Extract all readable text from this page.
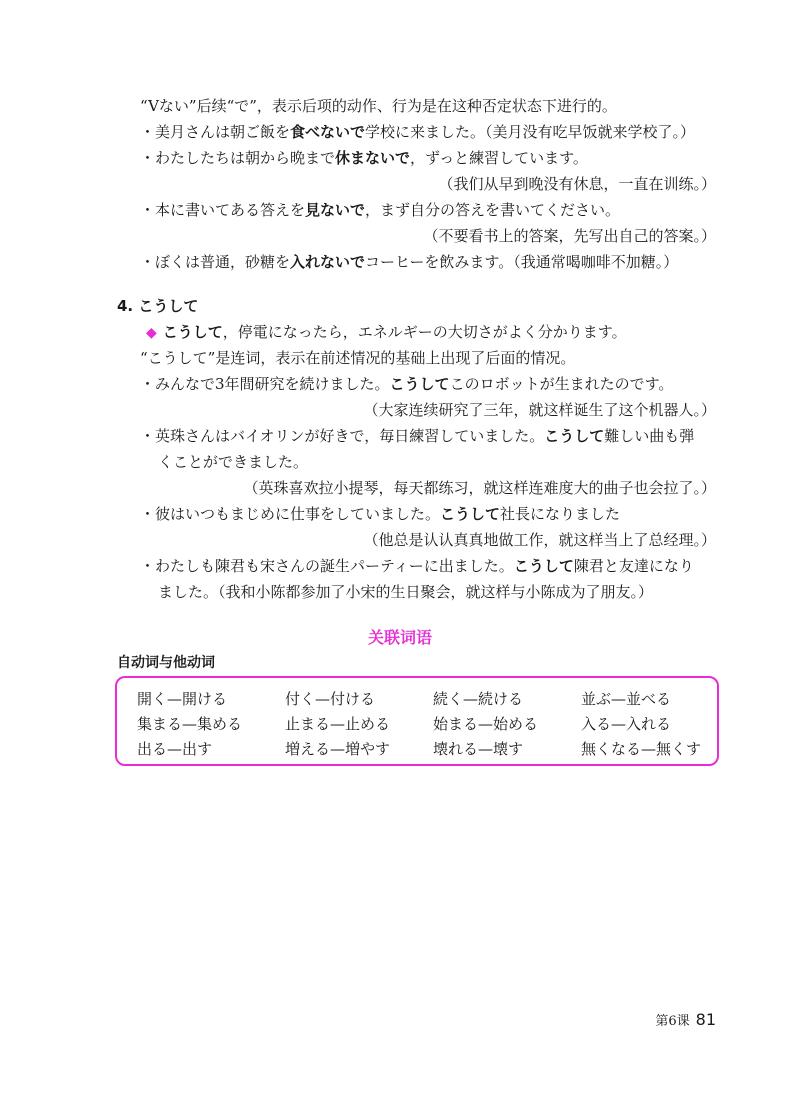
“Vない”后续“で”，表示后项的动作、行为是在这种否定状态下进行的。
・美月さんは朝ご飯を食べないで学校に来ました。（美月没有吃早饭就来学校了。）
・わたしたちは朝から晩まで休まないで，ずっと練習しています。
（我们从早到晚没有休息，一直在训练。）
・本に書いてある答えを見ないで，まず自分の答えを書いてください。
（不要看书上的答案，先写出自己的答案。）
・ぼくは普通，砂糖を入れないでコーヒーを飲みます。（我通常喝咖啡不加糖。）
4. こうして
◆ こうして，停電になったら，エネルギーの大切さがよく分かります。
“こうして”是连词，表示在前述情况的基础上出现了后面的情况。
・みんなで3年間研究を続けました。こうしてこのロボットが生まれたのです。
（大家连续研究了三年，就这样诞生了这个机器人。）
・英珠さんはバイオリンが好きで，毎日練習していました。こうして難しい曲も弾
くことができました。
（英珠喜欢拉小提琴，每天都练习，就这样连难度大的曲子也会拉了。）
・彼はいつもまじめに仕事をしていました。こうして社長になりました
（他总是认认真真地做工作，就这样当上了总经理。）
・わたしも陳君も宋さんの誕生パーティーに出ました。こうして陳君と友達になり
ました。（我和小陈都参加了小宋的生日聚会，就这样与小陈成为了朋友。）
关联词语
自动词与他动词
開く—開ける	付く—付ける	続く—続ける	並ぶ—並べる
集まる—集める	止まる—止める	始まる—始める	入る—入れる
出る—出す	増える—増やす	壊れる—壊す	無くなる—無くす
第6课 81
